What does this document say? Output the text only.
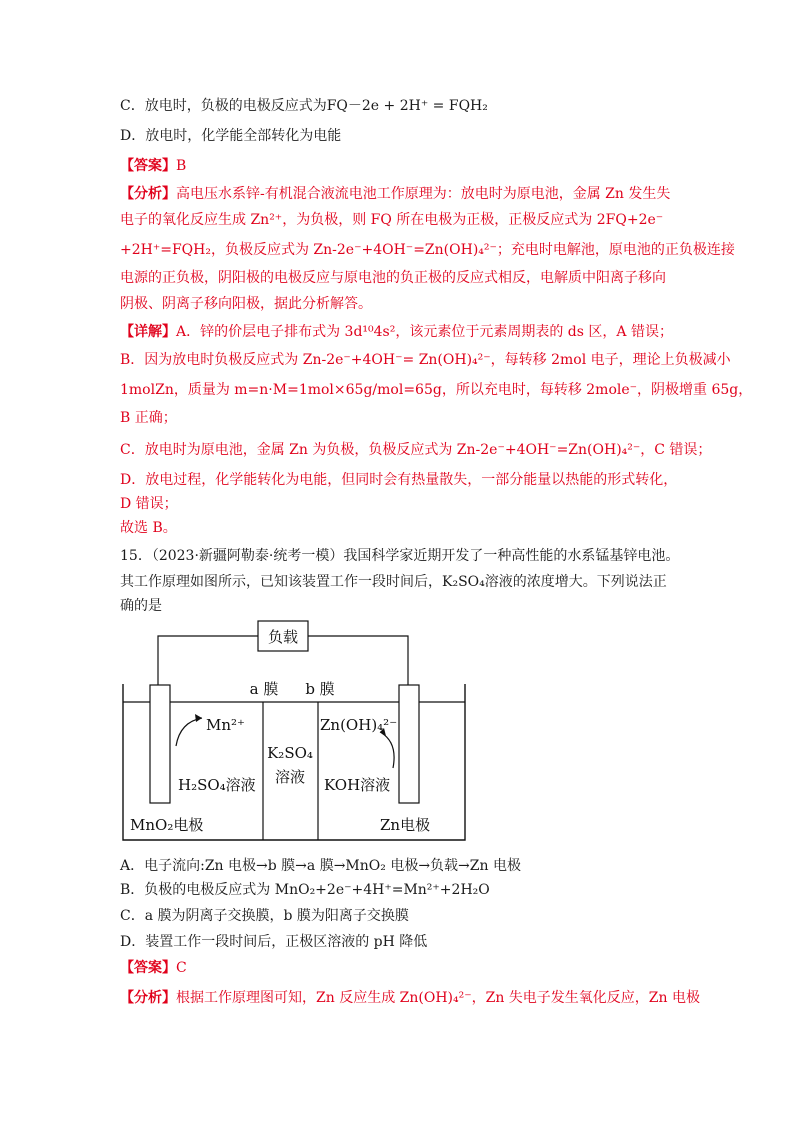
C．放电时，负极的电极反应式为FQ－2e + 2H⁺ = FQH₂
D．放电时，化学能全部转化为电能
【答案】B
【分析】高电压水系锌-有机混合液流电池工作原理为：放电时为原电池，金属 Zn 发生失
电子的氧化反应生成 Zn²⁺，为负极，则 FQ 所在电极为正极，正极反应式为 2FQ+2e⁻
+2H⁺=FQH₂，负极反应式为 Zn-2e⁻+4OH⁻=Zn(OH)₄²⁻；充电时电解池，原电池的正负极连接
电源的正负极，阴阳极的电极反应与原电池的负正极的反应式相反，电解质中阳离子移向
阴极、阴离子移向阳极，据此分析解答。
【详解】A．锌的价层电子排布式为 3d¹⁰4s²，该元素位于元素周期表的 ds 区，A 错误；
B．因为放电时负极反应式为 Zn-2e⁻+4OH⁻= Zn(OH)₄²⁻，每转移 2mol 电子，理论上负极减小
1molZn，质量为 m=n·M=1mol×65g/mol=65g，所以充电时，每转移 2mole⁻，阴极增重 65g，
B 正确；
C．放电时为原电池，金属 Zn 为负极，负极反应式为 Zn-2e⁻+4OH⁻=Zn(OH)₄²⁻，C 错误；
D．放电过程，化学能转化为电能，但同时会有热量散失，一部分能量以热能的形式转化，
D 错误；
故选 B。
15．（2023·新疆阿勒泰·统考一模）我国科学家近期开发了一种高性能的水系锰基锌电池。
其工作原理如图所示，已知该装置工作一段时间后，K₂SO₄溶液的浓度增大。下列说法正
确的是
负载
a 膜 b 膜
Mn²⁺	Zn(OH)₄²⁻
K₂SO₄
溶液
H₂SO₄溶液	KOH溶液
MnO₂电极	Zn电极
A．电子流向:Zn 电极→b 膜→a 膜→MnO₂ 电极→负载→Zn 电极
B．负极的电极反应式为 MnO₂+2e⁻+4H⁺=Mn²⁺+2H₂O
C．a 膜为阴离子交换膜，b 膜为阳离子交换膜
D．装置工作一段时间后，正极区溶液的 pH 降低
【答案】C
【分析】根据工作原理图可知，Zn 反应生成 Zn(OH)₄²⁻，Zn 失电子发生氧化反应，Zn 电极
